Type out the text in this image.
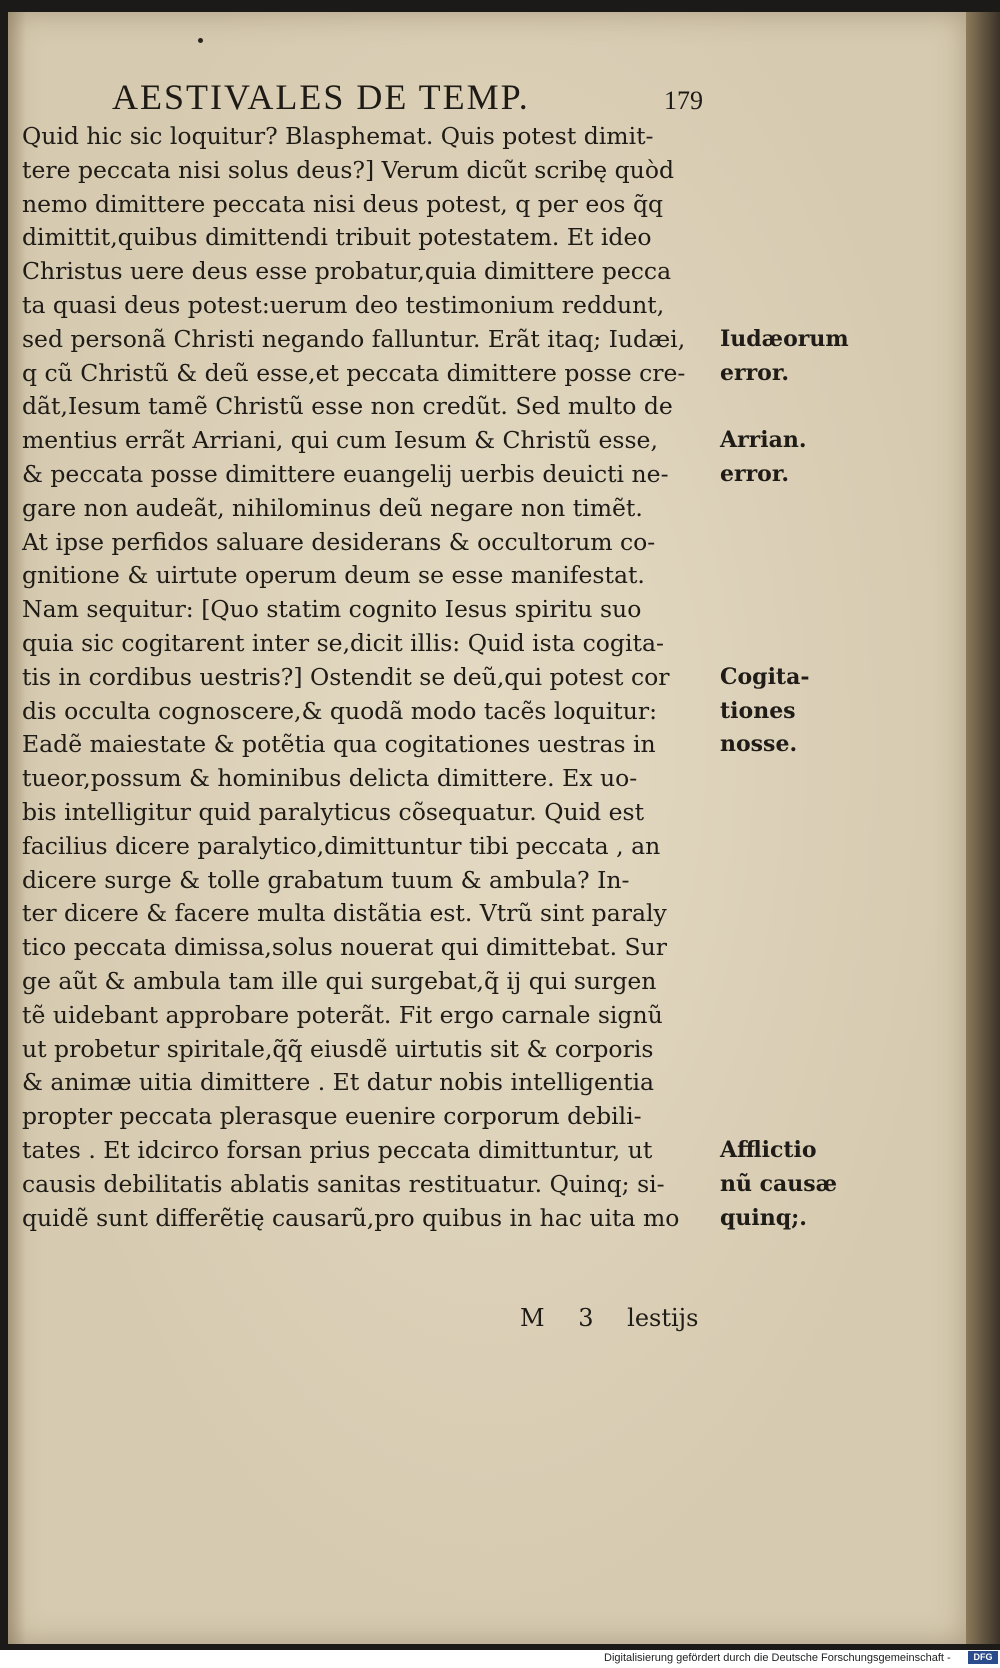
AESTIVALES DE TEMP.	179
Quid hic sic loquitur? Blasphemat. Quis potest dimit-
tere peccata nisi solus deus?] Verum dicũt scribę quòd
nemo dimittere peccata nisi deus potest, q per eos q̃q
dimittit,quibus dimittendi tribuit potestatem. Et ideo
Christus uere deus esse probatur,quia dimittere pecca
ta quasi deus potest:uerum deo testimonium reddunt,
sed personã Christi negando falluntur. Erãt itaq; Iudæi,
q cũ Christũ & deũ esse,et peccata dimittere posse cre-
dãt,Iesum tamẽ Christũ esse non credũt. Sed multo de
mentius errãt Arriani, qui cum Iesum & Christũ esse,
& peccata posse dimittere euangelij uerbis deuicti ne-
gare non audeãt, nihilominus deũ negare non timẽt.
At ipse perfidos saluare desiderans & occultorum co-
gnitione & uirtute operum deum se esse manifestat.
Nam sequitur: [Quo statim cognito Iesus spiritu suo
quia sic cogitarent inter se,dicit illis: Quid ista cogita-
tis in cordibus uestris?] Ostendit se deũ,qui potest cor
dis occulta cognoscere,& quodã modo tacẽs loquitur:
Eadẽ maiestate & potẽtia qua cogitationes uestras in
tueor,possum & hominibus delicta dimittere. Ex uo-
bis intelligitur quid paralyticus cõsequatur. Quid est
facilius dicere paralytico,dimittuntur tibi peccata , an
dicere surge & tolle grabatum tuum & ambula? In-
ter dicere & facere multa distãtia est. Vtrũ sint paraly
tico peccata dimissa,solus nouerat qui dimittebat. Sur
ge aũt & ambula tam ille qui surgebat,q̃ ij qui surgen
tẽ uidebant approbare poterãt. Fit ergo carnale signũ
ut probetur spiritale,q̃q̃ eiusdẽ uirtutis sit & corporis
& animæ uitia dimittere . Et datur nobis intelligentia
propter peccata plerasque euenire corporum debili-
tates . Et idcirco forsan prius peccata dimittuntur, ut
causis debilitatis ablatis sanitas restituatur. Quinq; si-
quidẽ sunt differẽtię causarũ,pro quibus in hac uita mo
Iudæorum
error.
Arrian.
error.
Cogita-
tiones
nosse.
Afflictio
nũ causæ
quinq;.
M 3 lestijs
Digitalisierung gefördert durch die Deutsche Forschungsgemeinschaft -	DFG
